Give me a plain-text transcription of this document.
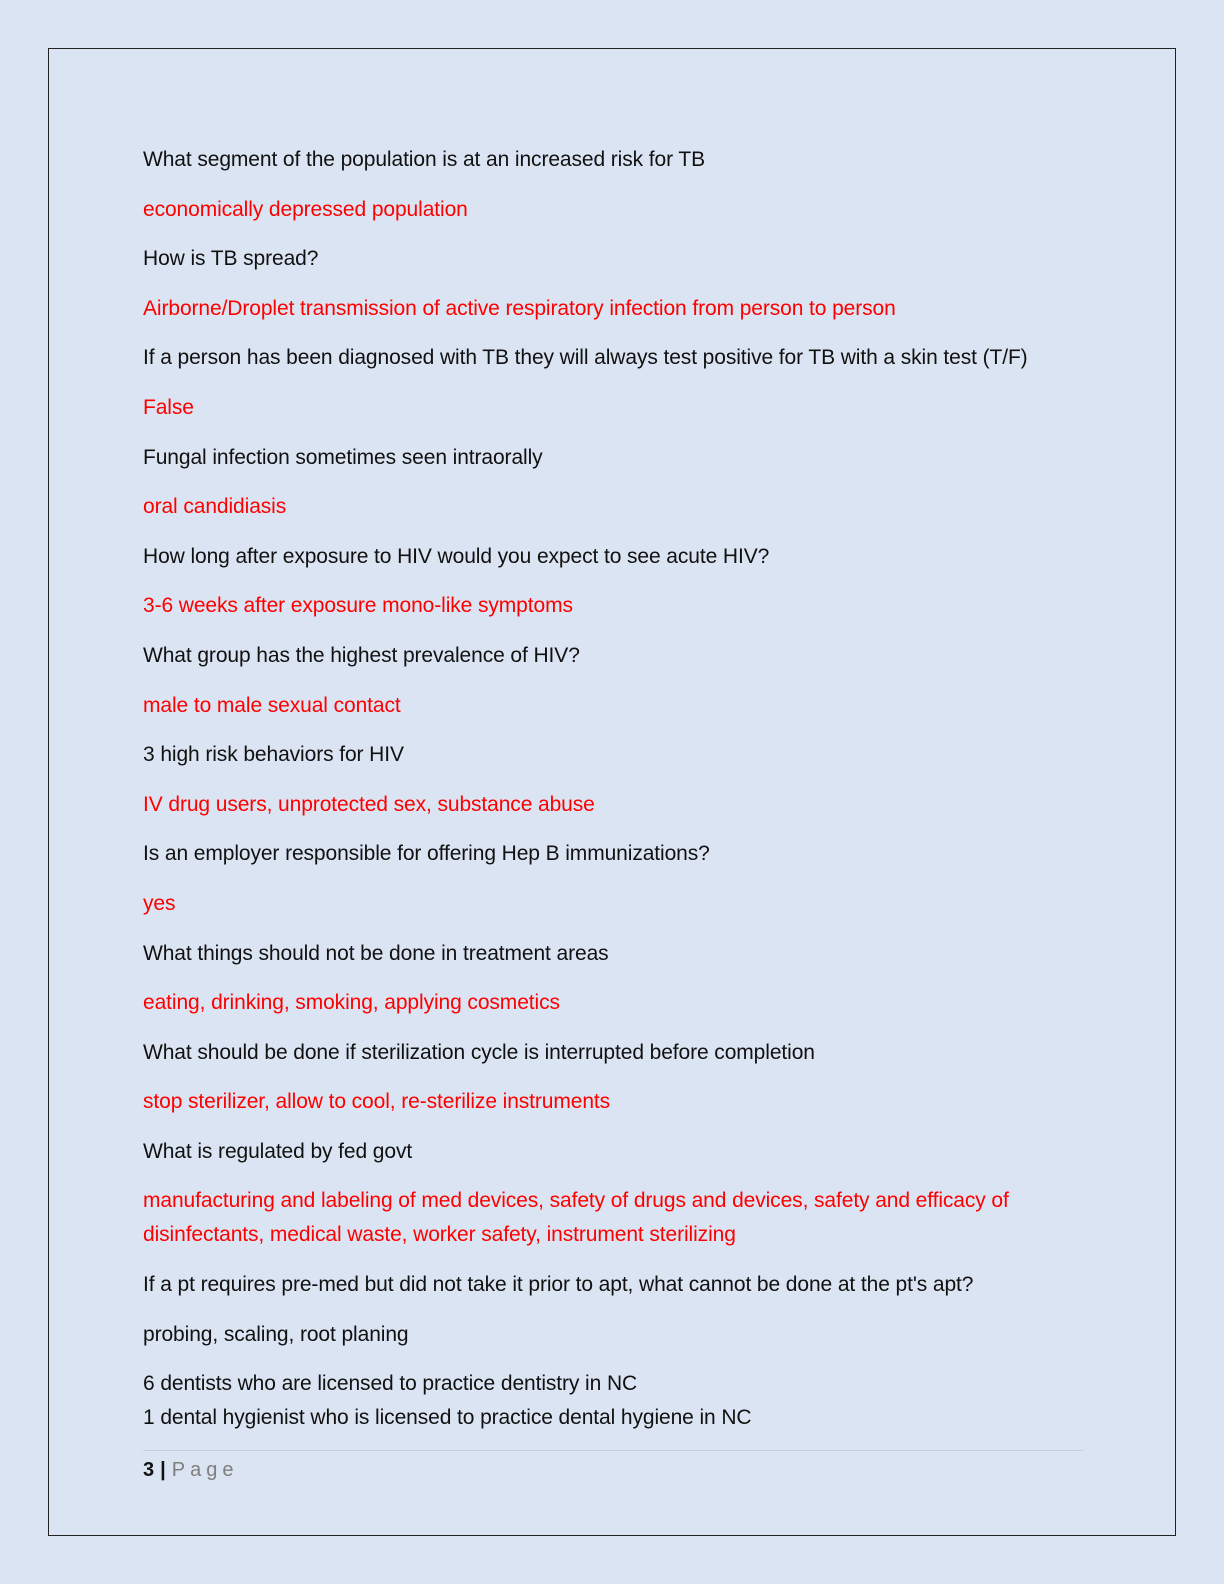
What segment of the population is at an increased risk for TB
economically depressed population
How is TB spread?
Airborne/Droplet transmission of active respiratory infection from person to person
If a person has been diagnosed with TB they will always test positive for TB with a skin test (T/F)
False
Fungal infection sometimes seen intraorally
oral candidiasis
How long after exposure to HIV would you expect to see acute HIV?
3-6 weeks after exposure mono-like symptoms
What group has the highest prevalence of HIV?
male to male sexual contact
3 high risk behaviors for HIV
IV drug users, unprotected sex, substance abuse
Is an employer responsible for offering Hep B immunizations?
yes
What things should not be done in treatment areas
eating, drinking, smoking, applying cosmetics
What should be done if sterilization cycle is interrupted before completion
stop sterilizer, allow to cool, re-sterilize instruments
What is regulated by fed govt
manufacturing and labeling of med devices, safety of drugs and devices, safety and efficacy of disinfectants, medical waste, worker safety, instrument sterilizing
If a pt requires pre-med but did not take it prior to apt, what cannot be done at the pt's apt?
probing, scaling, root planing
6 dentists who are licensed to practice dentistry in NC
1 dental hygienist who is licensed to practice dental hygiene in NC
3 | Page
